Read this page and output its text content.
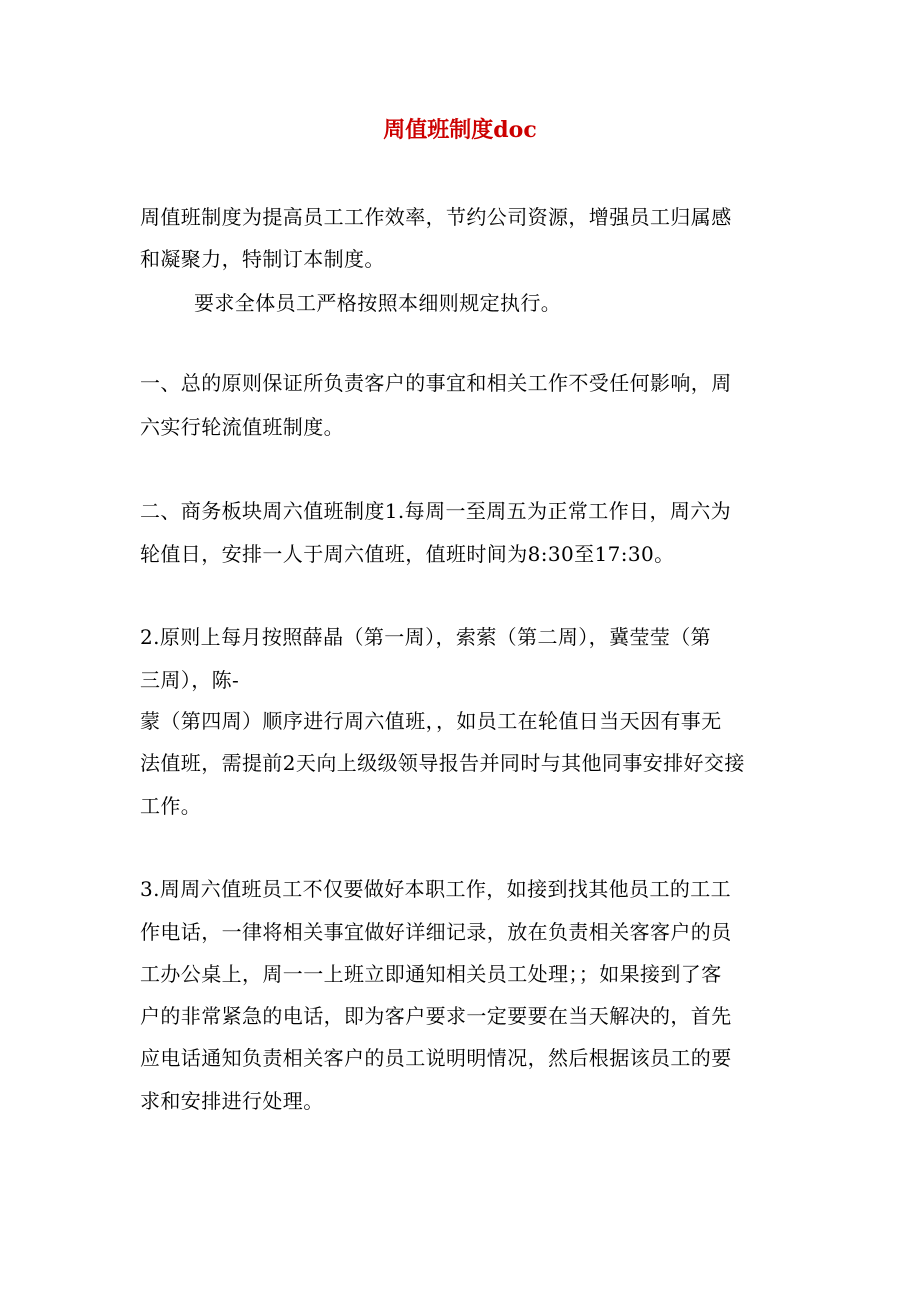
周值班制度doc
周值班制度为提高员工工作效率，节约公司资源，增强员工归属感
和凝聚力，特制订本制度。
要求全体员工严格按照本细则规定执行。
一、总的原则保证所负责客户的事宜和相关工作不受任何影响，周
六实行轮流值班制度。
二、商务板块周六值班制度1.每周一至周五为正常工作日，周六为
轮值日，安排一人于周六值班，值班时间为8:30至17:30。
2.原则上每月按照薛晶（第一周），索萦（第二周），冀莹莹（第
三周），陈-
蒙（第四周）顺序进行周六值班，，如员工在轮值日当天因有事无
法值班，需提前2天向上级级领导报告并同时与其他同事安排好交接
工作。
3.周周六值班员工不仅要做好本职工作，如接到找其他员工的工工
作电话，一律将相关事宜做好详细记录，放在负责相关客客户的员
工办公桌上，周一一上班立即通知相关员工处理；；如果接到了客
户的非常紧急的电话，即为客户要求一定要要在当天解决的，首先
应电话通知负责相关客户的员工说明明情况，然后根据该员工的要
求和安排进行处理。
